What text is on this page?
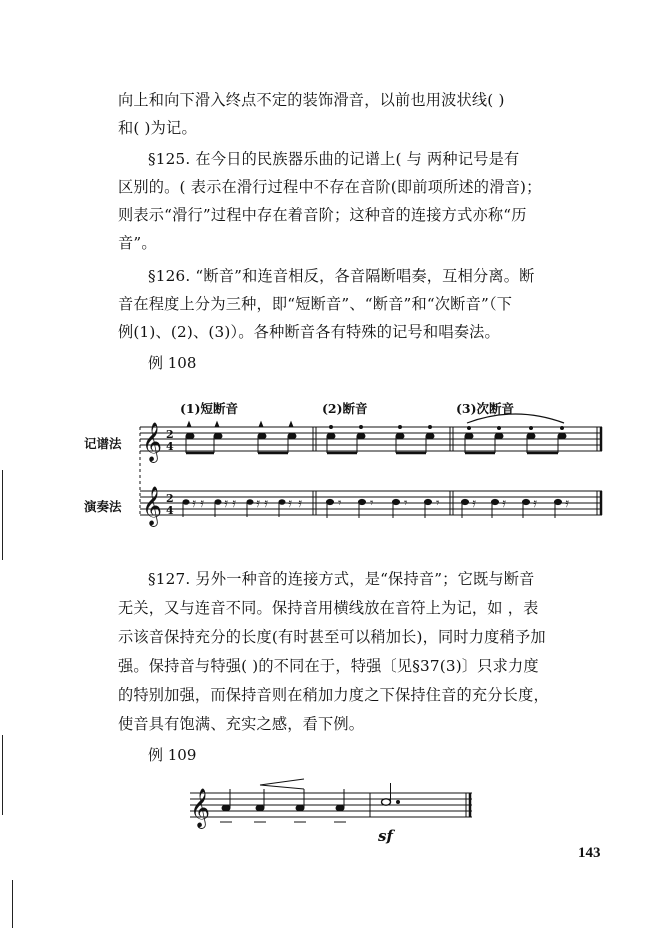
向上和向下滑入终点不定的装饰滑音，以前也用波状线( )
和( )为记。
§125. 在今日的民族器乐曲的记谱上( 与 两种记号是有
区别的。( 表示在滑行过程中不存在音阶(即前项所述的滑音)；
则表示“滑行”过程中存在着音阶；这种音的连接方式亦称“历
音”。
§126. “断音”和连音相反，各音隔断唱奏，互相分离。断
音在程度上分为三种，即“短断音”、“断音”和“次断音”（下
例(1)、(2)、(3)）。各种断音各有特殊的记号和唱奏法。
例 108
(1)短断音	(2)断音	(3)次断音
记谱法
演奏法
𝄞
𝄞
2
4
2
4 𝄿 𝄿 𝄿 𝄿 𝄿 𝄿 𝄿 𝄿	𝄾 𝄾 𝄾 𝄾	𝄿 𝄿 𝄿 𝄿
§127. 另外一种音的连接方式，是“保持音”；它既与断音
无关，又与连音不同。保持音用横线放在音符上为记，如 ，表
示该音保持充分的长度(有时甚至可以稍加长)，同时力度稍予加
强。保持音与特强( )的不同在于，特强〔见§37(3)〕只求力度
的特别加强，而保持音则在稍加力度之下保持住音的充分长度，
使音具有饱满、充实之感，看下例。
例 109
𝄞
sf
143
